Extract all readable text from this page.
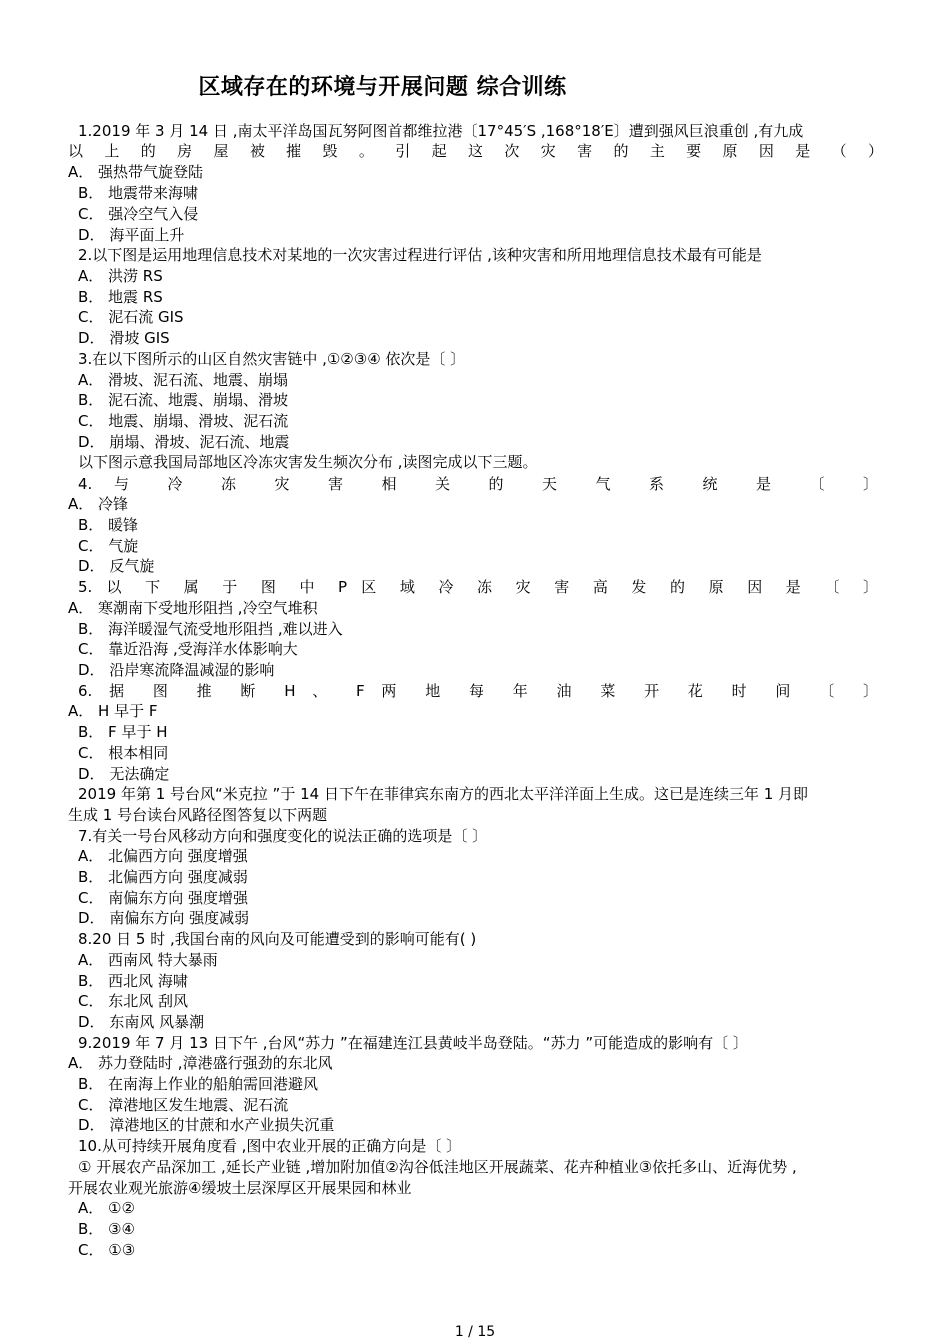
区域存在的环境与开展问题 综合训练
1.2019 年 3 月 14 日 ,南太平洋岛国瓦努阿图首都维拉港〔17°45′S ,168°18′E〕遭到强风巨浪重创 ,有九成
以 上 的 房 屋 被 摧 毁 。 引 起 这 次 灾 害 的 主 要 原 因 是 （ ）
A． 强热带气旋登陆
B． 地震带来海啸
C． 强冷空气入侵
D． 海平面上升
2.以下图是运用地理信息技术对某地的一次灾害过程进行评估 ,该种灾害和所用地理信息技术最有可能是
A． 洪涝 RS
B． 地震 RS
C． 泥石流 GIS
D． 滑坡 GIS
3.在以下图所示的山区自然灾害链中 ,①②③④ 依次是〔 〕
A． 滑坡、泥石流、地震、崩塌
B． 泥石流、地震、崩塌、滑坡
C． 地震、崩塌、滑坡、泥石流
D． 崩塌、滑坡、泥石流、地震
以下图示意我国局部地区冷冻灾害发生频次分布 ,读图完成以下三题。
4. 与 冷 冻 灾 害 相 关 的 天 气 系 统 是 〔 〕
A． 冷锋
B． 暖锋
C． 气旋
D． 反气旋
5. 以 下 属 于 图 中 P 区 域 冷 冻 灾 害 高 发 的 原 因 是 〔 〕
A． 寒潮南下受地形阻挡 ,冷空气堆积
B． 海洋暖湿气流受地形阻挡 ,难以进入
C． 靠近沿海 ,受海洋水体影响大
D． 沿岸寒流降温减湿的影响
6. 据 图 推 断 H 、 F 两 地 每 年 油 菜 开 花 时 间 〔 〕
A． H 早于 F
B． F 早于 H
C． 根本相同
D． 无法确定
2019 年第 1 号台风“米克拉 ”于 14 日下午在菲律宾东南方的西北太平洋洋面上生成。这已是连续三年 1 月即
生成 1 号台读台风路径图答复以下两题
7.有关一号台风移动方向和强度变化的说法正确的选项是〔 〕
A． 北偏西方向 强度增强
B． 北偏西方向 强度减弱
C． 南偏东方向 强度增强
D． 南偏东方向 强度减弱
8.20 日 5 时 ,我国台南的风向及可能遭受到的影响可能有( )
A． 西南风 特大暴雨
B． 西北风 海啸
C． 东北风 刮风
D． 东南风 风暴潮
9.2019 年 7 月 13 日下午 ,台风“苏力 ”在福建连江县黄岐半岛登陆。“苏力 ”可能造成的影响有〔 〕
A． 苏力登陆时 ,漳港盛行强劲的东北风
B． 在南海上作业的船舶需回港避风
C． 漳港地区发生地震、泥石流
D． 漳港地区的甘蔗和水产业损失沉重
10.从可持续开展角度看 ,图中农业开展的正确方向是〔 〕
① 开展农产品深加工 ,延长产业链 ,增加附加值②沟谷低洼地区开展蔬菜、花卉种植业③依托多山、近海优势 ,
开展农业观光旅游④缓坡土层深厚区开展果园和林业
A． ①②
B． ③④
C． ①③
1 / 15
